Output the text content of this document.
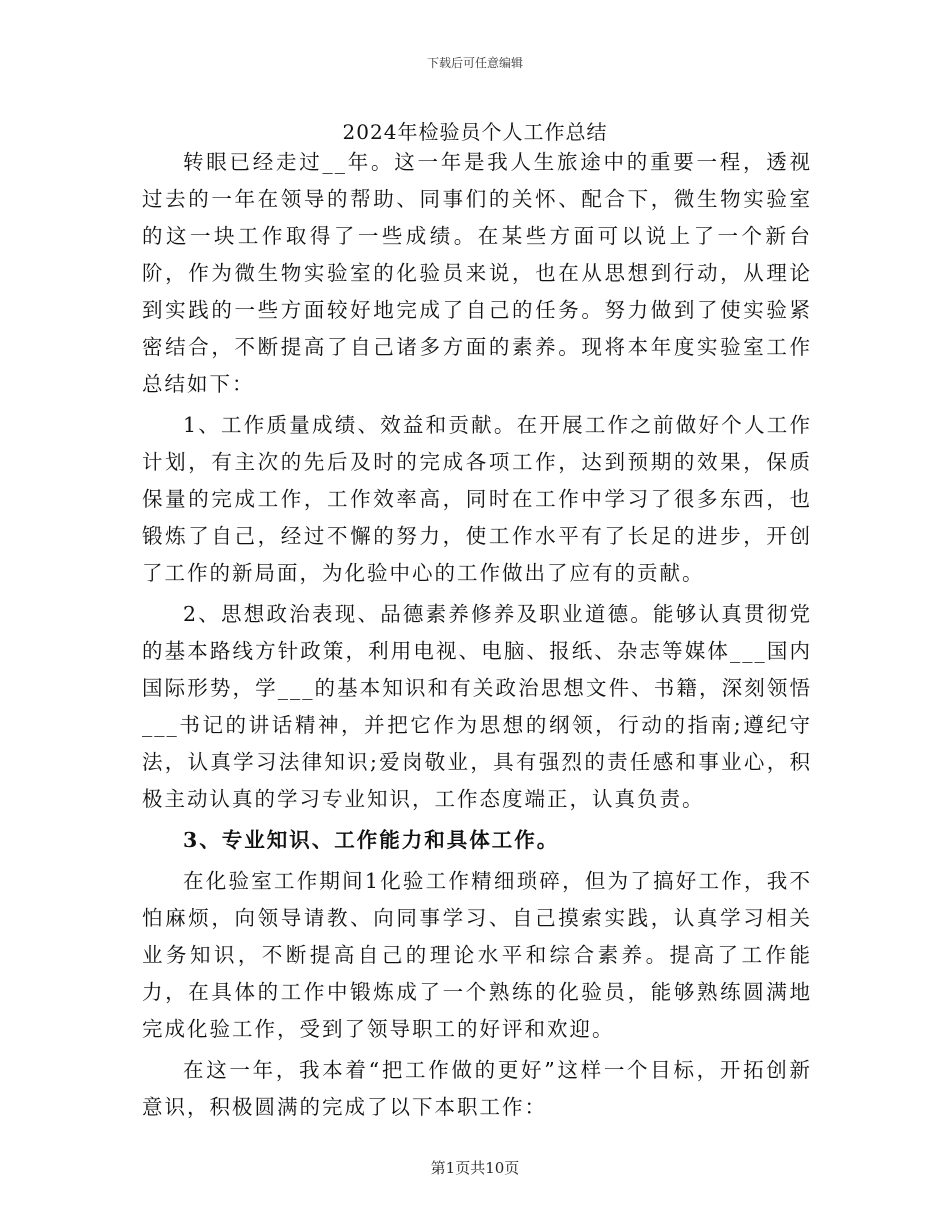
下载后可任意编辑
2024年检验员个人工作总结

转眼已经走过__年。这一年是我人生旅途中的重要一程，透视过去的一年在领导的帮助、同事们的关怀、配合下，微生物实验室的这一块工作取得了一些成绩。在某些方面可以说上了一个新台阶，作为微生物实验室的化验员来说，也在从思想到行动，从理论到实践的一些方面较好地完成了自己的任务。努力做到了使实验紧密结合，不断提高了自己诸多方面的素养。现将本年度实验室工作总结如下：

1、工作质量成绩、效益和贡献。在开展工作之前做好个人工作计划，有主次的先后及时的完成各项工作，达到预期的效果，保质保量的完成工作，工作效率高，同时在工作中学习了很多东西，也锻炼了自己，经过不懈的努力，使工作水平有了长足的进步，开创了工作的新局面，为化验中心的工作做出了应有的贡献。

2、思想政治表现、品德素养修养及职业道德。能够认真贯彻党的基本路线方针政策，利用电视、电脑、报纸、杂志等媒体___国内国际形势，学___的基本知识和有关政治思想文件、书籍，深刻领悟___书记的讲话精神，并把它作为思想的纲领，行动的指南;遵纪守法，认真学习法律知识;爱岗敬业，具有强烈的责任感和事业心，积极主动认真的学习专业知识，工作态度端正，认真负责。

3、专业知识、工作能力和具体工作。

在化验室工作期间1化验工作精细琐碎，但为了搞好工作，我不怕麻烦，向领导请教、向同事学习、自己摸索实践，认真学习相关业务知识，不断提高自己的理论水平和综合素养。提高了工作能力，在具体的工作中锻炼成了一个熟练的化验员，能够熟练圆满地完成化验工作，受到了领导职工的好评和欢迎。

在这一年，我本着“把工作做的更好”这样一个目标，开拓创新意识，积极圆满的完成了以下本职工作：

第1页共10页
